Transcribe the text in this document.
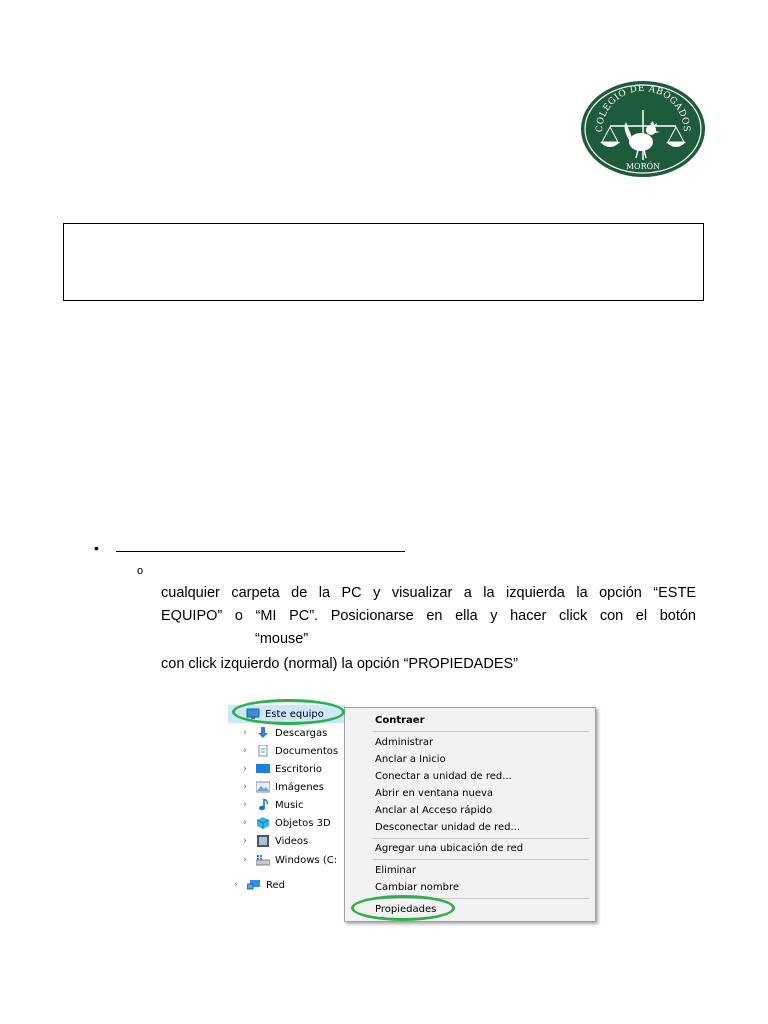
COLEGIO DE ABOGADOS
MORÓN
•
o
cualquier carpeta de la PC y visualizar a la izquierda la opción “ESTE
EQUIPO” o “MI PC”. Posicionarse en ella y hacer click con el botón
“mouse”
con click izquierdo (normal) la opción “PROPIEDADES”
⌄	Este equipo
›	Descargas
›	Documentos
›	Escritorio
›	Imágenes
›	Music
›	Objetos 3D
›	Videos
›	Windows (C:
›	Red
Contraer
Administrar
Anclar a Inicio
Conectar a unidad de red...
Abrir en ventana nueva
Anclar al Acceso rápido
Desconectar unidad de red...
Agregar una ubicación de red
Eliminar
Cambiar nombre
Propiedades
